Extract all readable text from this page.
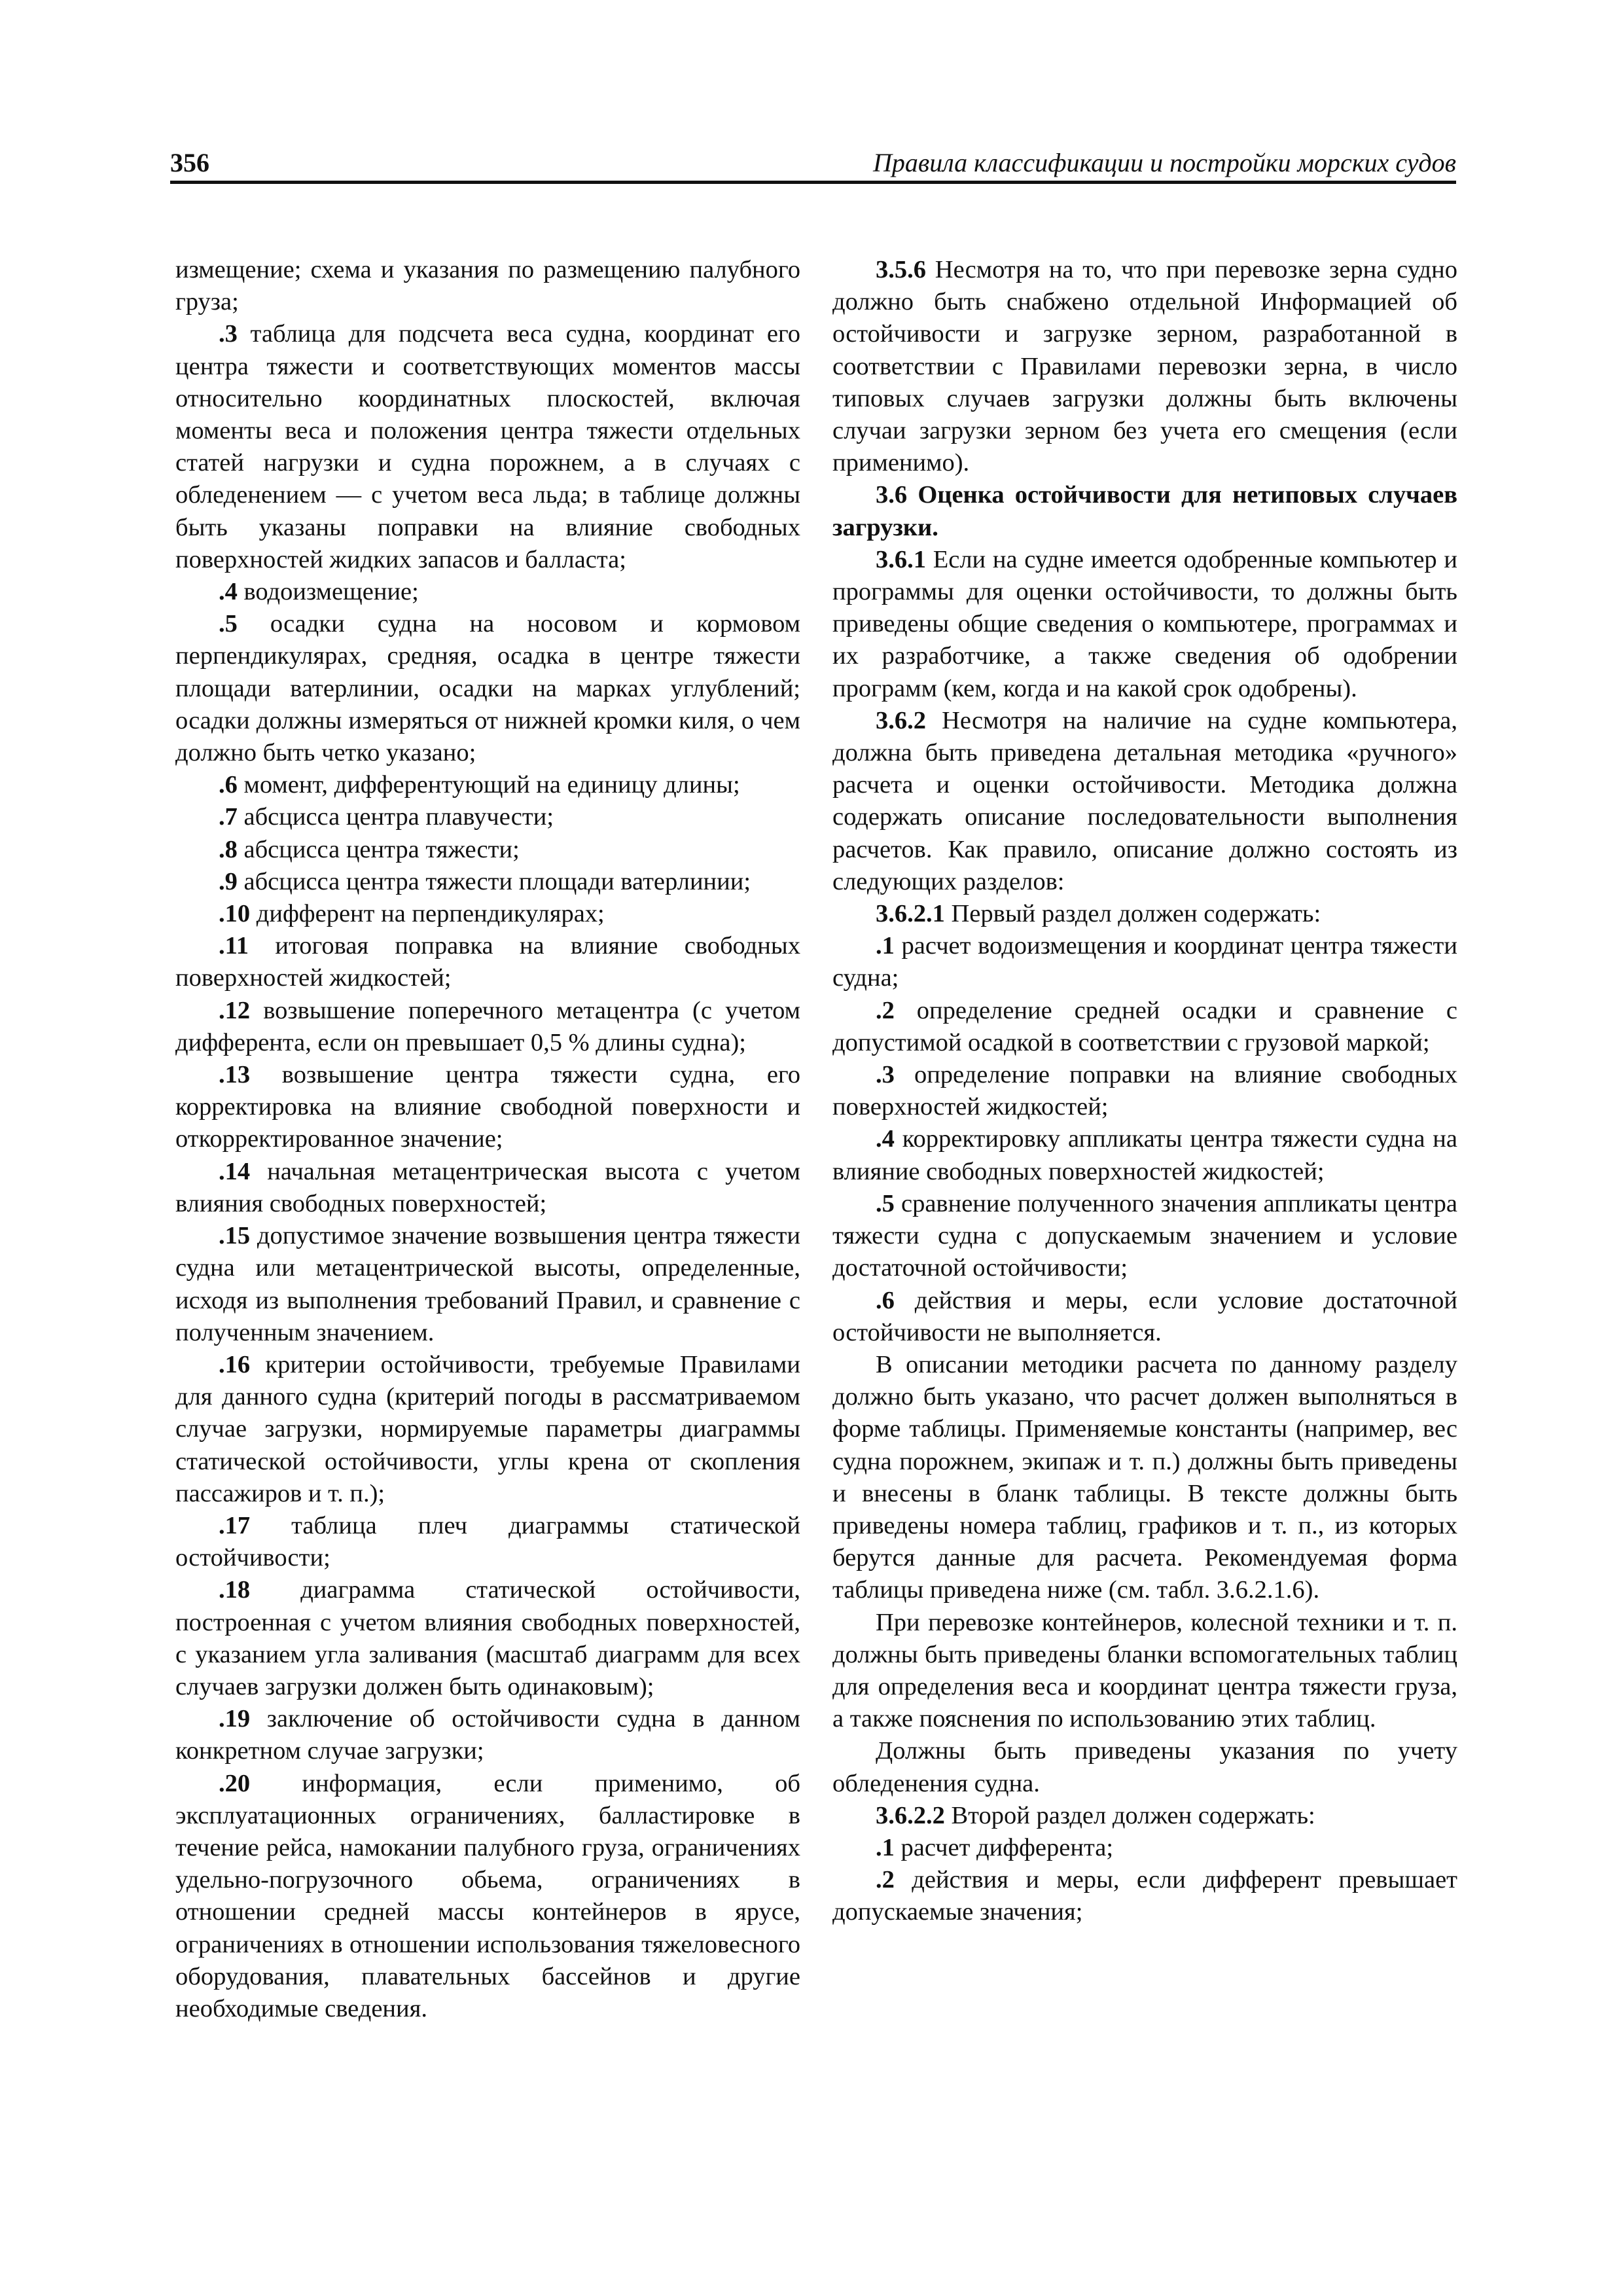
356	Правила классификации и постройки морских судов

измещение; схема и указания по размещению палубного груза;

.3 таблица для подсчета веса судна, координат его центра тяжести и соответствующих моментов массы относительно координатных плоскостей, включая моменты веса и положения центра тяжести отдельных статей нагрузки и судна порожнем, а в случаях с обледенением — с учетом веса льда; в таблице должны быть указаны поправки на влияние свободных поверхностей жидких запасов и балласта;

.4 водоизмещение;

.5 осадки судна на носовом и кормовом перпендикулярах, средняя, осадка в центре тяжести площади ватерлинии, осадки на марках углублений; осадки должны измеряться от нижней кромки киля, о чем должно быть четко указано;

.6 момент, дифферентующий на единицу длины;

.7 абсцисса центра плавучести;

.8 абсцисса центра тяжести;

.9 абсцисса центра тяжести площади ватерлинии;

.10 дифферент на перпендикулярах;

.11 итоговая поправка на влияние свободных поверхностей жидкостей;

.12 возвышение поперечного метацентра (с учетом дифферента, если он превышает 0,5 % длины судна);

.13 возвышение центра тяжести судна, его корректировка на влияние свободной поверхности и откорректированное значение;

.14 начальная метацентрическая высота с учетом влияния свободных поверхностей;

.15 допустимое значение возвышения центра тяжести судна или метацентрической высоты, определенные, исходя из выполнения требований Правил, и сравнение с полученным значением.

.16 критерии остойчивости, требуемые Правилами для данного судна (критерий погоды в рассматриваемом случае загрузки, нормируемые параметры диаграммы статической остойчивости, углы крена от скопления пассажиров и т. п.);

.17 таблица плеч диаграммы статической остойчивости;

.18 диаграмма статической остойчивости, построенная с учетом влияния свободных поверхностей, с указанием угла заливания (масштаб диаграмм для всех случаев загрузки должен быть одинаковым);

.19 заключение об остойчивости судна в данном конкретном случае загрузки;

.20 информация, если применимо, об эксплуатационных ограничениях, балластировке в течение рейса, намокании палубного груза, ограничениях удельно-погрузочного обьема, ограничениях в отношении средней массы контейнеров в ярусе, ограничениях в отношении использования тяжеловесного оборудования, плавательных бассейнов и другие необходимые сведения.

3.5.6 Несмотря на то, что при перевозке зерна судно должно быть снабжено отдельной Информацией об остойчивости и загрузке зерном, разработанной в соответствии с Правилами перевозки зерна, в число типовых случаев загрузки должны быть включены случаи загрузки зерном без учета его смещения (если применимо).

3.6 Оценка остойчивости для нетиповых случаев загрузки.

3.6.1 Если на судне имеется одобренные компьютер и программы для оценки остойчивости, то должны быть приведены общие сведения о компьютере, программах и их разработчике, а также сведения об одобрении программ (кем, когда и на какой срок одобрены).

3.6.2 Несмотря на наличие на судне компьютера, должна быть приведена детальная методика «ручного» расчета и оценки остойчивости. Методика должна содержать описание последовательности выполнения расчетов. Как правило, описание должно состоять из следующих разделов:

3.6.2.1 Первый раздел должен содержать:

.1 расчет водоизмещения и координат центра тяжести судна;

.2 определение средней осадки и сравнение с допустимой осадкой в соответствии с грузовой маркой;

.3 определение поправки на влияние свободных поверхностей жидкостей;

.4 корректировку аппликаты центра тяжести судна на влияние свободных поверхностей жидкостей;

.5 сравнение полученного значения аппликаты центра тяжести судна с допускаемым значением и условие достаточной остойчивости;

.6 действия и меры, если условие достаточной остойчивости не выполняется.

В описании методики расчета по данному разделу должно быть указано, что расчет должен выполняться в форме таблицы. Применяемые константы (например, вес судна порожнем, экипаж и т. п.) должны быть приведены и внесены в бланк таблицы. В тексте должны быть приведены номера таблиц, графиков и т. п., из которых берутся данные для расчета. Рекомендуемая форма таблицы приведена ниже (см. табл. 3.6.2.1.6).

При перевозке контейнеров, колесной техники и т. п. должны быть приведены бланки вспомогательных таблиц для определения веса и координат центра тяжести груза, а также пояснения по использованию этих таблиц.

Должны быть приведены указания по учету обледенения судна.

3.6.2.2 Второй раздел должен содержать:

.1 расчет дифферента;

.2 действия и меры, если дифферент превышает допускаемые значения;
